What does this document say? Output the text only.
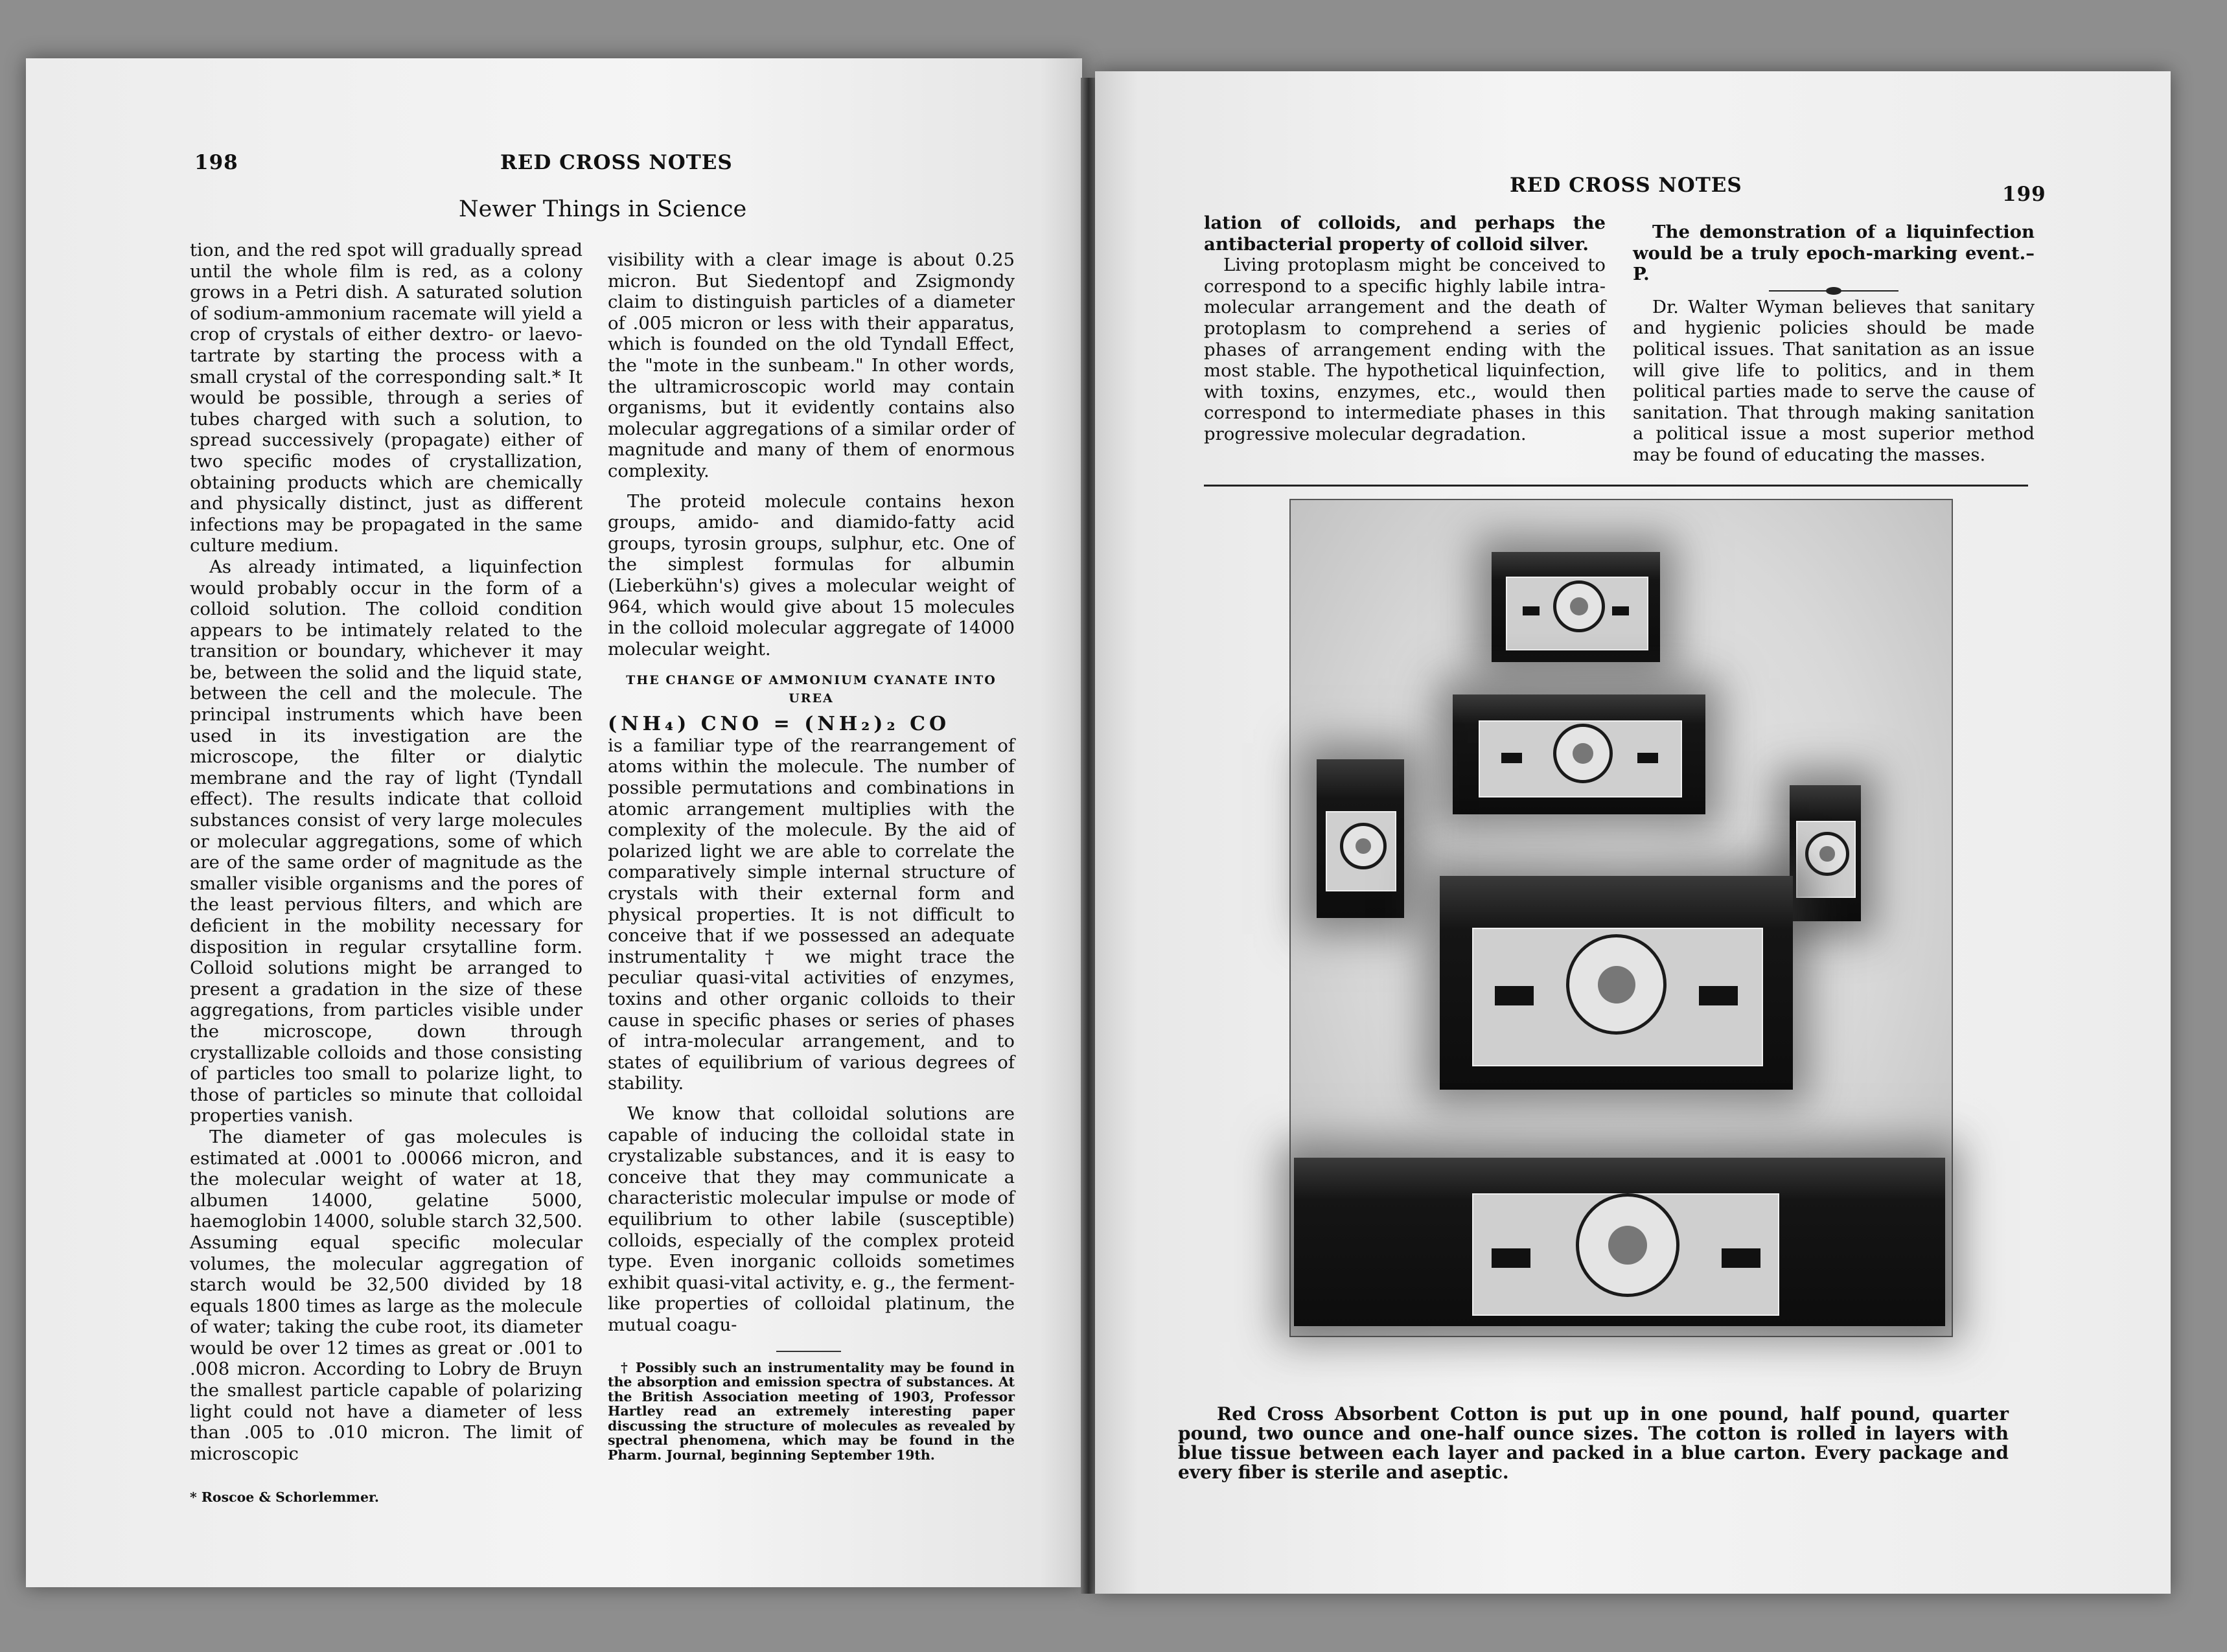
198	RED CROSS NOTES
Newer Things in Science

tion, and the red spot will gradually spread until the whole film is red, as a colony grows in a Petri dish. A saturated solution of sodium-ammonium racemate will yield a crop of crystals of either dextro- or laevo-tartrate by starting the process with a small crystal of the corresponding salt.* It would be possible, through a series of tubes charged with such a solution, to spread successively (propagate) either of two specific modes of crystallization, obtaining products which are chemically and physically distinct, just as different infections may be propagated in the same culture medium.

As already intimated, a liquinfection would probably occur in the form of a colloid solution. The colloid condition appears to be intimately related to the transition or boundary, whichever it may be, between the solid and the liquid state, between the cell and the molecule. The principal instruments which have been used in its investigation are the microscope, the filter or dialytic membrane and the ray of light (Tyndall effect). The results indicate that colloid substances consist of very large molecules or molecular aggregations, some of which are of the same order of magnitude as the smaller visible organisms and the pores of the least pervious filters, and which are deficient in the mobility necessary for disposition in regular crsytalline form. Colloid solutions might be arranged to present a gradation in the size of these aggregations, from particles visible under the microscope, down through crystallizable colloids and those consisting of particles too small to polarize light, to those of particles so minute that colloidal properties vanish.

The diameter of gas molecules is estimated at .0001 to .00066 micron, and the molecular weight of water at 18, albumen 14000, gelatine 5000, haemoglobin 14000, soluble starch 32,500. Assuming equal specific molecular volumes, the molecular aggregation of starch would be 32,500 divided by 18 equals 1800 times as large as the molecule of water; taking the cube root, its diameter would be over 12 times as great or .001 to .008 micron. According to Lobry de Bruyn the smallest particle capable of polarizing light could not have a diameter of less than .005 to .010 micron. The limit of microscopic

* Roscoe & Schorlemmer.

visibility with a clear image is about 0.25 micron. But Siedentopf and Zsigmondy claim to distinguish particles of a diameter of .005 micron or less with their apparatus, which is founded on the old Tyndall Effect, the "mote in the sunbeam." In other words, the ultramicroscopic world may contain organisms, but it evidently contains also molecular aggregations of a similar order of magnitude and many of them of enormous complexity.

The proteid molecule contains hexon groups, amido- and diamido-fatty acid groups, tyrosin groups, sulphur, etc. One of the simplest formulas for albumin (Lieberkühn's) gives a molecular weight of 964, which would give about 15 molecules in the colloid molecular aggregate of 14000 molecular weight.

THE CHANGE OF AMMONIUM CYANATE INTO UREA

(NH₄) CNO = (NH₂)₂ CO

is a familiar type of the rearrangement of atoms within the molecule. The number of possible permutations and combinations in atomic arrangement multiplies with the complexity of the molecule. By the aid of polarized light we are able to correlate the comparatively simple internal structure of crystals with their external form and physical properties. It is not difficult to conceive that if we possessed an adequate instrumentality † we might trace the peculiar quasi-vital activities of enzymes, toxins and other organic colloids to their cause in specific phases or series of phases of intra-molecular arrangement, and to states of equilibrium of various degrees of stability.

We know that colloidal solutions are capable of inducing the colloidal state in crystalizable substances, and it is easy to conceive that they may communicate a characteristic molecular impulse or mode of equilibrium to other labile (susceptible) colloids, especially of the complex proteid type. Even inorganic colloids sometimes exhibit quasi-vital activity, e. g., the ferment-like properties of colloidal platinum, the mutual coagu-

† Possibly such an instrumentality may be found in the absorption and emission spectra of substances. At the British Association meeting of 1903, Professor Hartley read an extremely interesting paper discussing the structure of molecules as revealed by spectral phenomena, which may be found in the Pharm. Journal, beginning September 19th.

RED CROSS NOTES	199

lation of colloids, and perhaps the antibacterial property of colloid silver.

Living protoplasm might be conceived to correspond to a specific highly labile intra-molecular arrangement and the death of protoplasm to comprehend a series of phases of arrangement ending with the most stable. The hypothetical liquinfection, with toxins, enzymes, etc., would then correspond to intermediate phases in this progressive molecular degradation.

The demonstration of a liquinfection would be a truly epoch-marking event.–P.

Dr. Walter Wyman believes that sanitary and hygienic policies should be made political issues. That sanitation as an issue will give life to politics, and in them political parties made to serve the cause of sanitation. That through making sanitation a political issue a most superior method may be found of educating the masses.

Red Cross Absorbent Cotton is put up in one pound, half pound, quarter pound, two ounce and one-half ounce sizes. The cotton is rolled in layers with blue tissue between each layer and packed in a blue carton. Every package and every fiber is sterile and aseptic.
